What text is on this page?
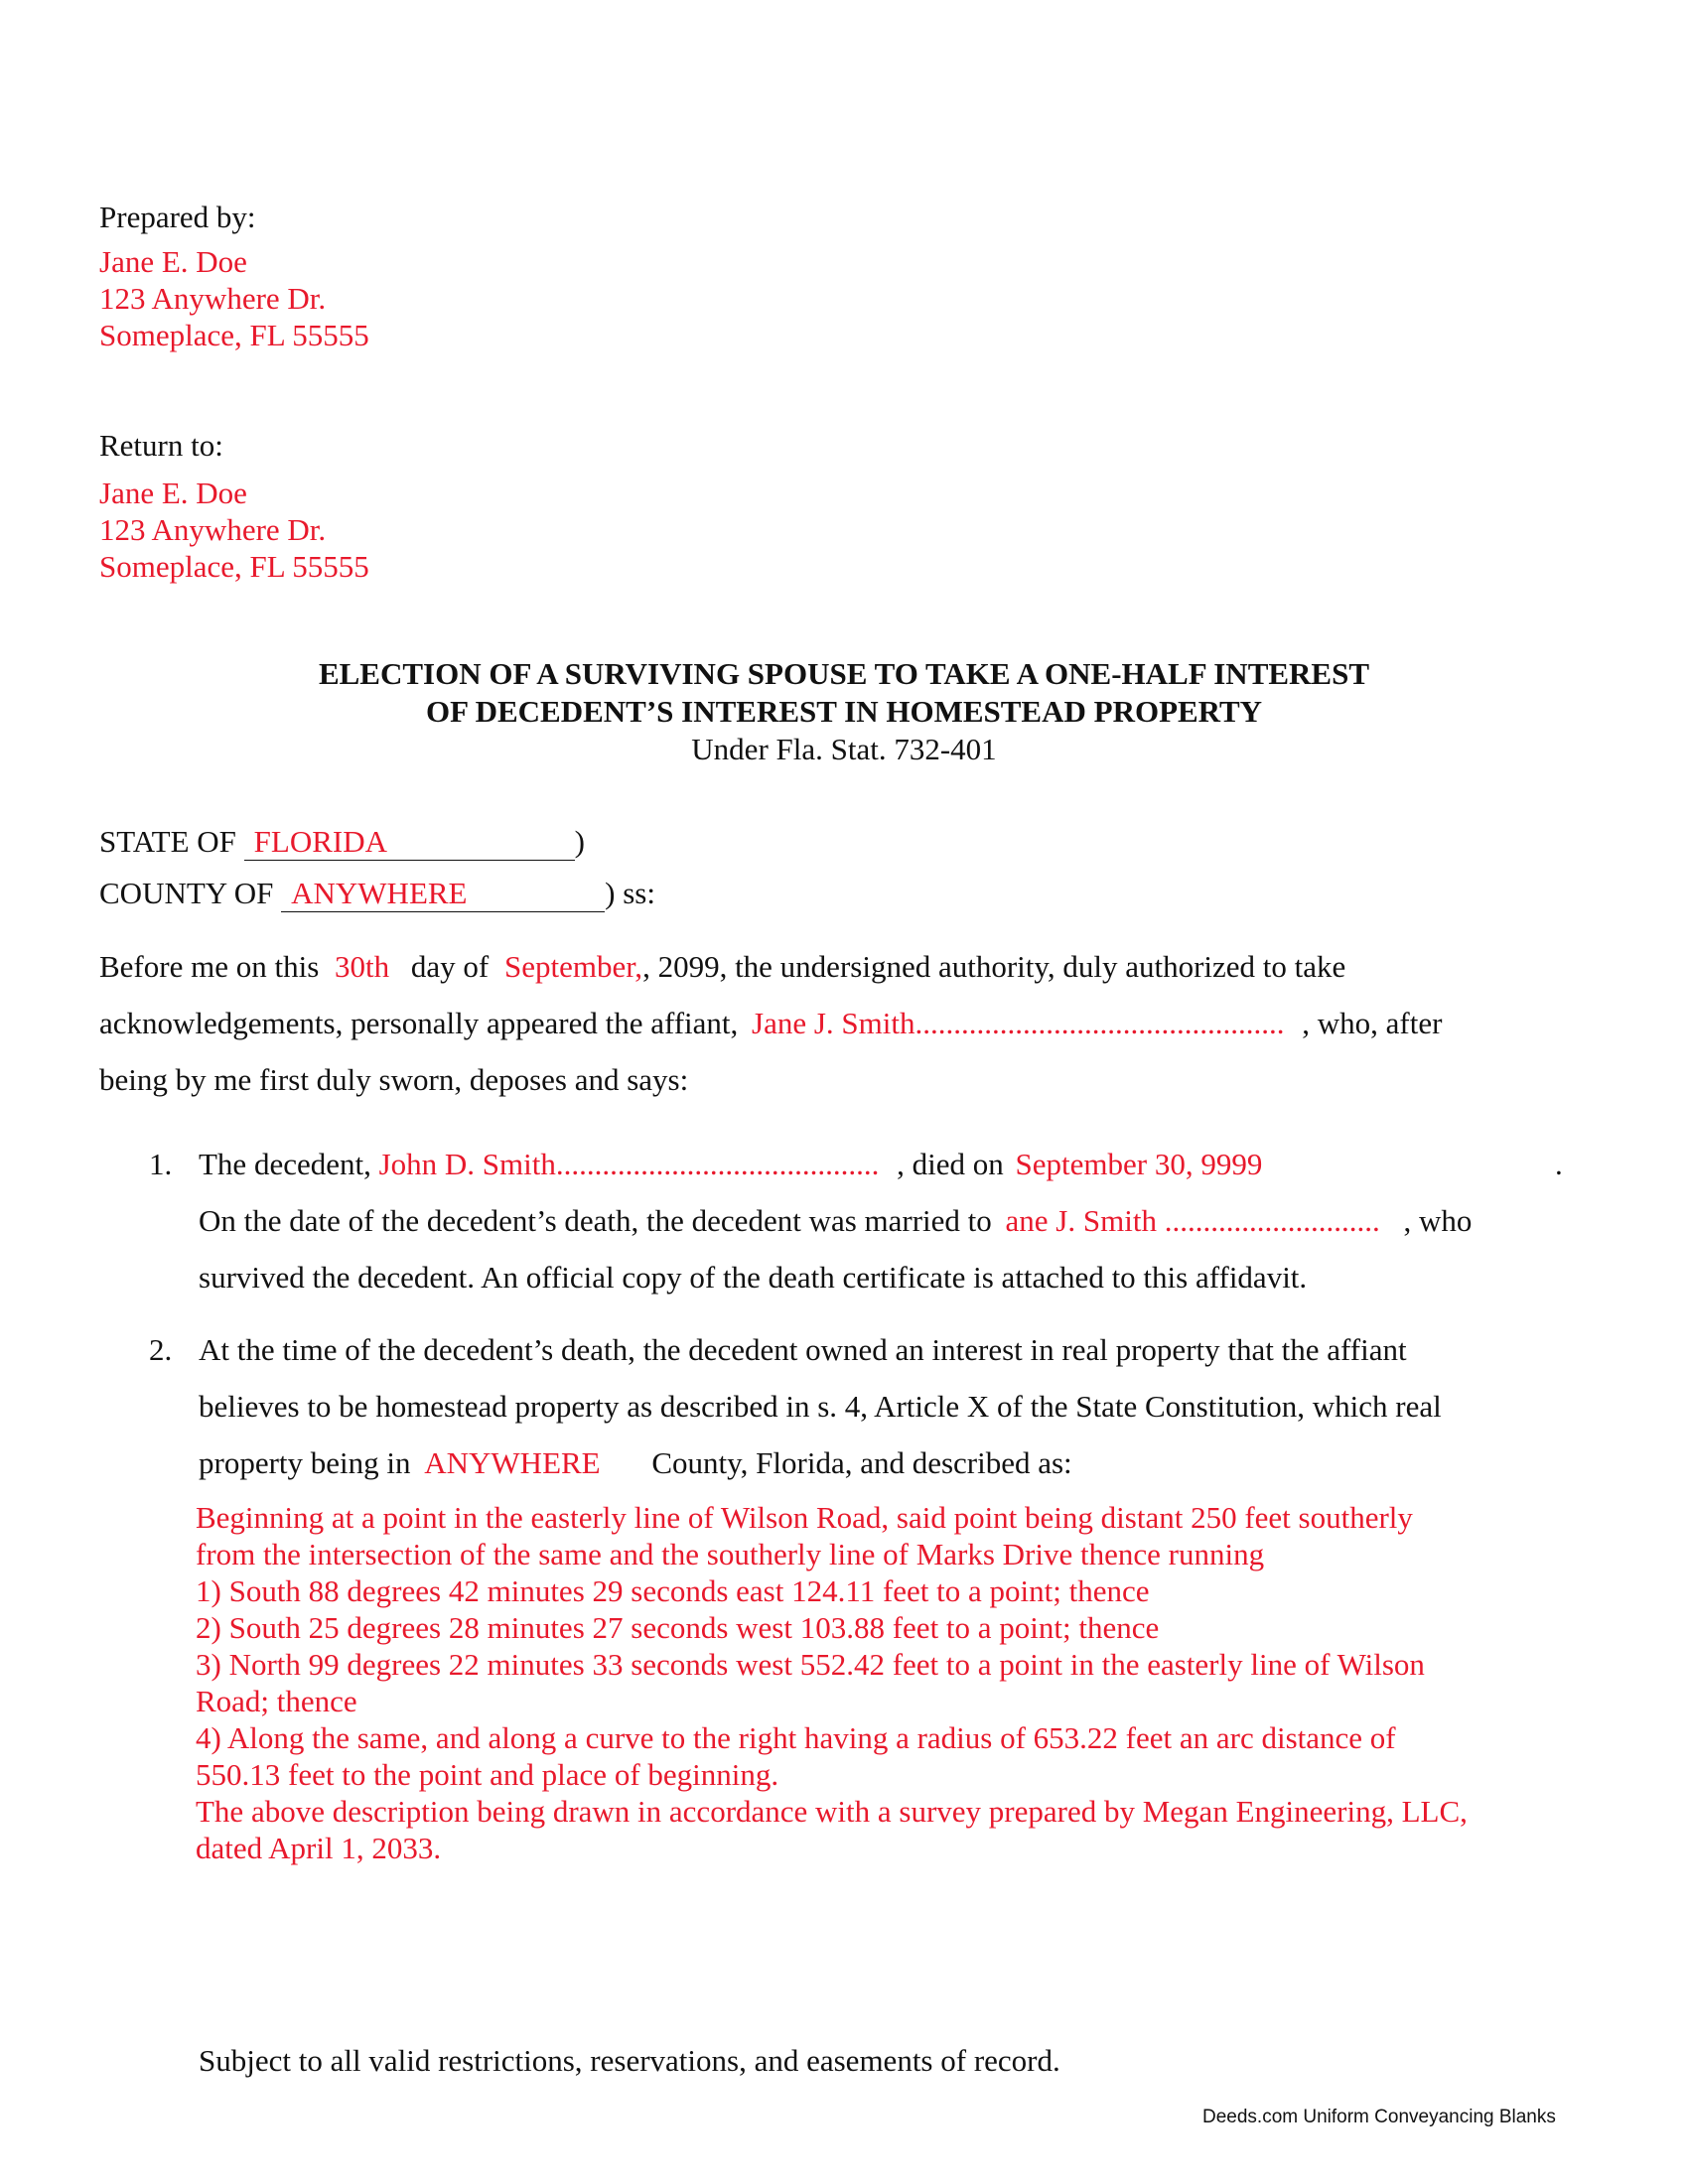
Prepared by:
Jane E. Doe
123 Anywhere Dr.
Someplace, FL 55555
Return to:
Jane E. Doe
123 Anywhere Dr.
Someplace, FL 55555
ELECTION OF A SURVIVING SPOUSE TO TAKE A ONE-HALF INTEREST
OF DECEDENT’S INTEREST IN HOMESTEAD PROPERTY
Under Fla. Stat. 732-401
STATE OF FLORIDA	)
COUNTY OF ANYWHERE	) ss:
Before me on this 30th day of September,, 2099, the undersigned authority, duly authorized to take
acknowledgements, personally appeared the affiant, Jane J. Smith................................................ , who, after
being by me first duly sworn, deposes and says:
1. The decedent, John D. Smith.......................................... , died on September 30, 9999	.
On the date of the decedent’s death, the decedent was married to ane J. Smith ............................ , who
survived the decedent. An official copy of the death certificate is attached to this affidavit.
2. At the time of the decedent’s death, the decedent owned an interest in real property that the affiant
believes to be homestead property as described in s. 4, Article X of the State Constitution, which real
property being in ANYWHERE County, Florida, and described as:
Beginning at a point in the easterly line of Wilson Road, said point being distant 250 feet southerly
from the intersection of the same and the southerly line of Marks Drive thence running
1) South 88 degrees 42 minutes 29 seconds east 124.11 feet to a point; thence
2) South 25 degrees 28 minutes 27 seconds west 103.88 feet to a point; thence
3) North 99 degrees 22 minutes 33 seconds west 552.42 feet to a point in the easterly line of Wilson
Road; thence
4) Along the same, and along a curve to the right having a radius of 653.22 feet an arc distance of
550.13 feet to the point and place of beginning.
The above description being drawn in accordance with a survey prepared by Megan Engineering, LLC,
dated April 1, 2033.
Subject to all valid restrictions, reservations, and easements of record.
Deeds.com Uniform Conveyancing Blanks
